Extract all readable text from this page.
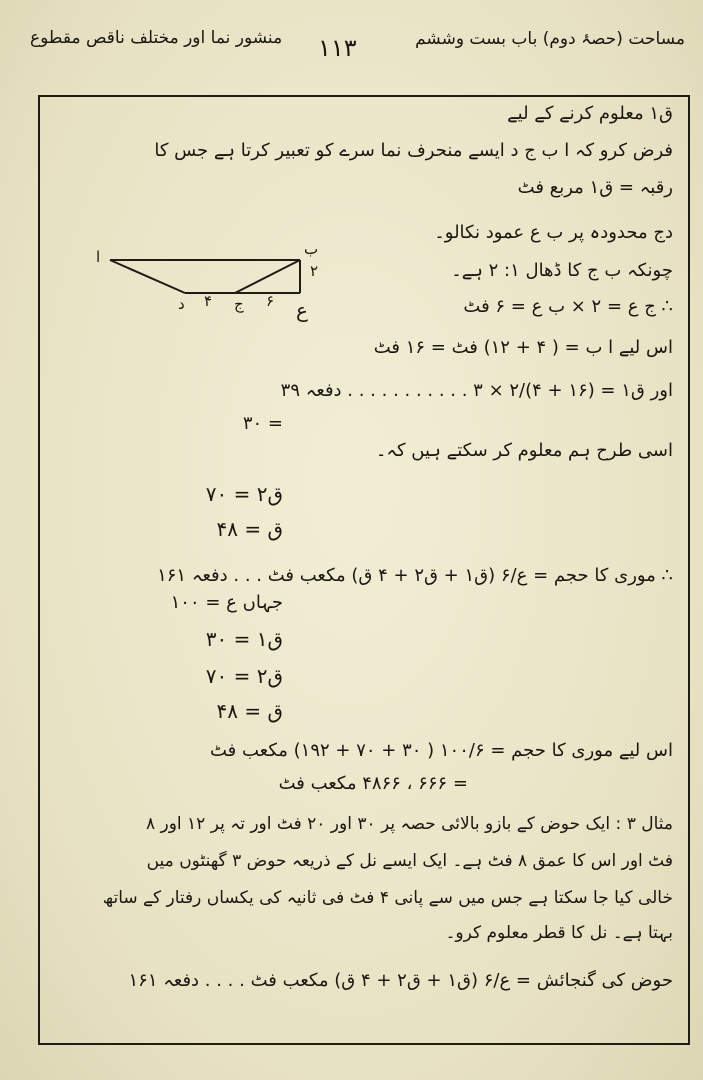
مساحت (حصۂ دوم) باب بست وششم
۱۱۳
منشور نما اور مختلف ناقص مقطوع
ق۱ معلوم کرنے کے لیے
فرض کرو کہ ا ب ج د ایسے منحرف نما سرے کو تعبیر کرتا ہے جس کا
رقبہ = ق۱ مربع فٹ
دج محدودہ پر ب ع عمود نکالو۔
چونکہ ب ج کا ڈھال ۱: ۲ ہے۔
ا	ب
د	ج	ع
۴	۶
۲
∴ ج ع = ۲ × ب ع = ۶ فٹ
اس لیے ا ب = ( ۴ + ۱۲) فٹ = ۱۶ فٹ
اور ق۱ = (۱۶ + ۴)/۲ × ۳ . . . . . . . . . . . دفعہ ۳۹
= ۳۰
اسی طرح ہم معلوم کر سکتے ہیں کہ۔
ق۲ = ۷۰
ق = ۴۸
∴ موری کا حجم = ع/۶ (ق۱ + ق۲ + ۴ ق) مکعب فٹ . . . دفعہ ۱۶۱
جہاں ع = ۱۰۰
ق۱ = ۳۰
ق۲ = ۷۰
ق = ۴۸
اس لیے موری کا حجم = ۱۰۰/۶ ( ۳۰ + ۷۰ + ۱۹۲) مکعب فٹ
= ۶۶۶ ، ۴۸۶۶ مکعب فٹ
مثال ۳ : ایک حوض کے بازو بالائی حصہ پر ۳۰ اور ۲۰ فٹ اور تہ پر ۱۲ اور ۸
فٹ اور اس کا عمق ۸ فٹ ہے۔ ایک ایسے نل کے ذریعہ حوض ۳ گھنٹوں میں
خالی کیا جا سکتا ہے جس میں سے پانی ۴ فٹ فی ثانیہ کی یکساں رفتار کے ساتھ
بہتا ہے۔ نل کا قطر معلوم کرو۔
حوض کی گنجائش = ع/۶ (ق۱ + ق۲ + ۴ ق) مکعب فٹ . . . . دفعہ ۱۶۱
